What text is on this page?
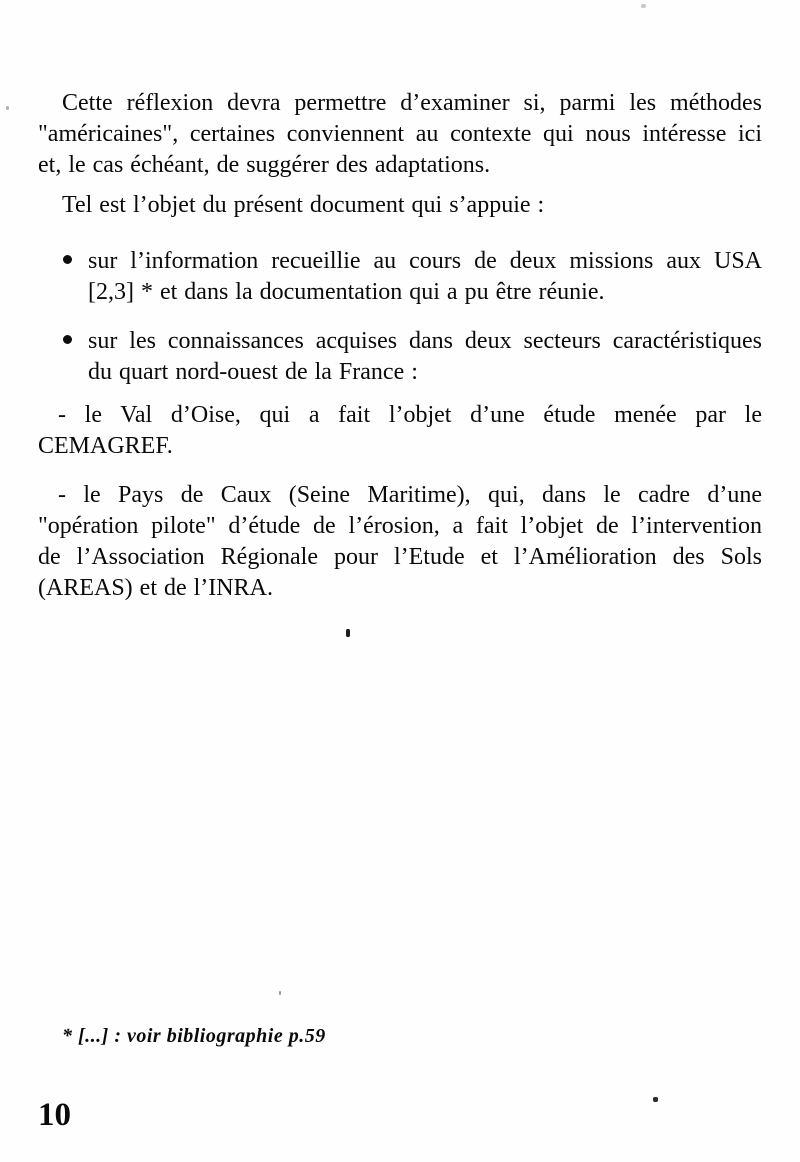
Cette réflexion devra permettre d’examiner si, parmi les méthodes
"américaines", certaines conviennent au contexte qui nous intéresse ici
et, le cas échéant, de suggérer des adaptations.

Tel est l’objet du présent document qui s’appuie :

sur l’information recueillie au cours de deux missions aux USA
[2,3] * et dans la documentation qui a pu être réunie.

sur les connaissances acquises dans deux secteurs caractéristiques
du quart nord-ouest de la France :

- le Val d’Oise, qui a fait l’objet d’une étude menée par le
CEMAGREF.

- le Pays de Caux (Seine Maritime), qui, dans le cadre d’une
"opération pilote" d’étude de l’érosion, a fait l’objet de l’intervention
de l’Association Régionale pour l’Etude et l’Amélioration des Sols
(AREAS) et de l’INRA.

* [...] : voir bibliographie p.59
10
